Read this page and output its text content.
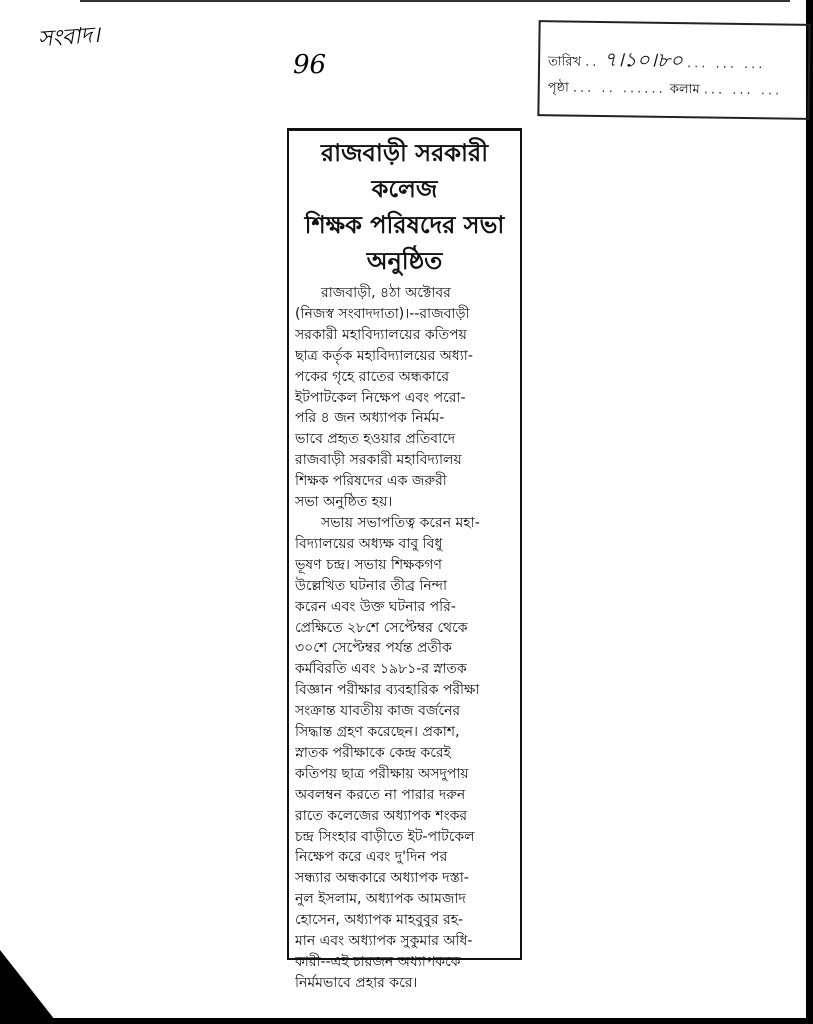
সংবাদ।
96	তারিখ .. ৭।১০।৮০ ... ... ...
পৃষ্ঠা ... .. ...... কলাম ... ... ...
রাজবাড়ী সরকারী কলেজ
শিক্ষক পরিষদের সভা
অনুষ্ঠিত
রাজবাড়ী, ৪ঠা অক্টোবর
(নিজস্ব সংবাদদাতা)।--রাজবাড়ী
সরকারী মহাবিদ্যালয়ের কতিপয়
ছাত্র কর্তৃক মহাবিদ্যালয়ের অধ্যা-
পকের গৃহে রাতের অন্ধকারে
ইটপাটকেল নিক্ষেপ এবং পরো-
পরি ৪ জন অধ্যাপক নির্মম-
ভাবে প্রহৃত হওয়ার প্রতিবাদে
রাজবাড়ী সরকারী মহাবিদ্যালয়
শিক্ষক পরিষদের এক জরুরী
সভা অনুষ্ঠিত হয়।
সভায় সভাপতিত্ব করেন মহা-
বিদ্যালয়ের অধ্যক্ষ বাবু বিধু
ভূষণ চন্দ্র। সভায় শিক্ষকগণ
উল্লেখিত ঘটনার তীব্র নিন্দা
করেন এবং উক্ত ঘটনার পরি-
প্রেক্ষিতে ২৮শে সেপ্টেম্বর থেকে
৩০শে সেপ্টেম্বর পর্যন্ত প্রতীক
কর্মবিরতি এবং ১৯৮১-র স্নাতক
বিজ্ঞান পরীক্ষার ব্যবহারিক পরীক্ষা
সংক্রান্ত যাবতীয় কাজ বর্জনের
সিদ্ধান্ত গ্রহণ করেছেন। প্রকাশ,
স্নাতক পরীক্ষাকে কেন্দ্র করেই
কতিপয় ছাত্র পরীক্ষায় অসদুপায়
অবলম্বন করতে না পারার দরুন
রাতে কলেজের অধ্যাপক শংকর
চন্দ্র সিংহার বাড়ীতে ইট-পাটকেল
নিক্ষেপ করে এবং দু'দিন পর
সন্ধ্যার অন্ধকারে অধ্যাপক দস্তা-
নুল ইসলাম, অধ্যাপক আমজাদ
হোসেন, অধ্যাপক মাহবুবুর রহ-
মান এবং অধ্যাপক সুকুমার অধি-
কারী--এই চারজন অধ্যাপককে
নির্মমভাবে প্রহার করে।
